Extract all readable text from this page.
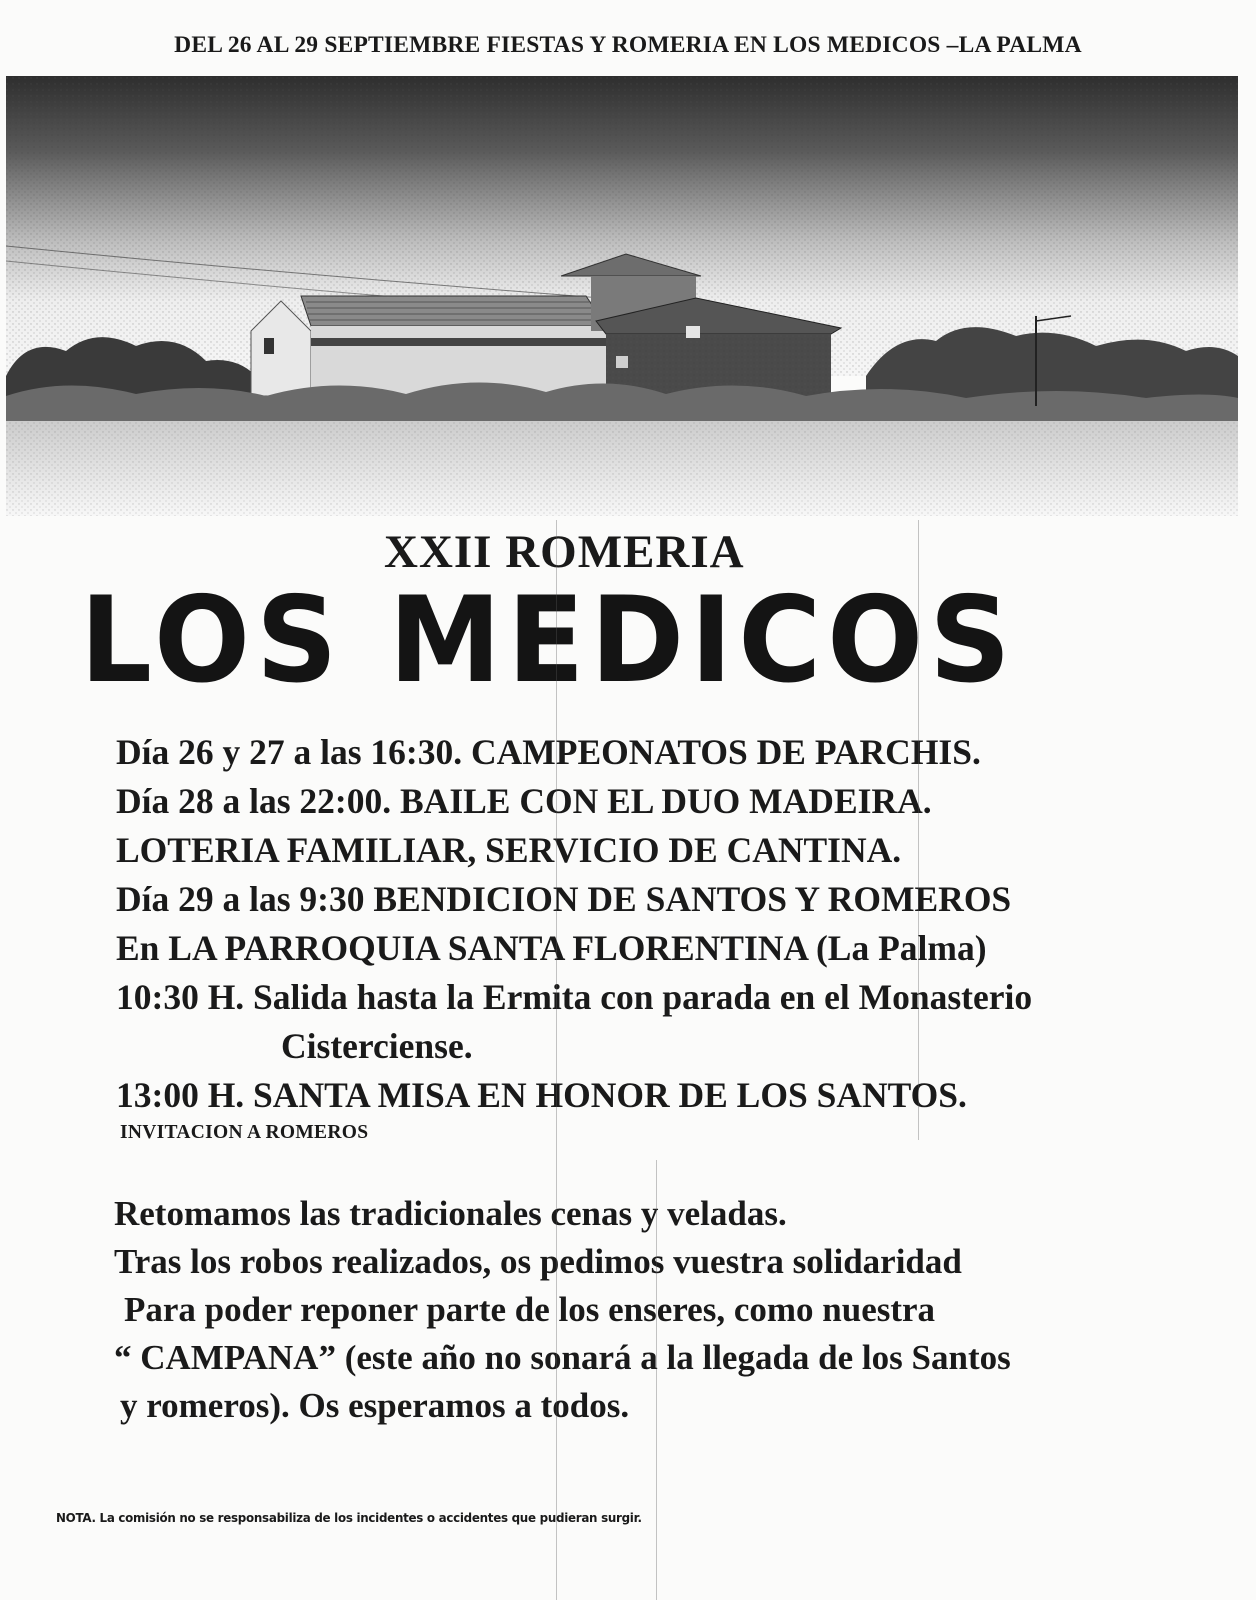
DEL 26 AL 29 SEPTIEMBRE FIESTAS Y ROMERIA EN LOS MEDICOS –LA PALMA
XXII ROMERIA
LOS MEDICOS
Día 26 y 27 a las 16:30. CAMPEONATOS DE PARCHIS.
Día 28 a las 22:00. BAILE CON EL DUO MADEIRA.
LOTERIA FAMILIAR, SERVICIO DE CANTINA.
Día 29 a las 9:30 BENDICION DE SANTOS Y ROMEROS
En LA PARROQUIA SANTA FLORENTINA (La Palma)
10:30 H. Salida hasta la Ermita con parada en el Monasterio
Cisterciense.
13:00 H. SANTA MISA EN HONOR DE LOS SANTOS.
INVITACION A ROMEROS
Retomamos las tradicionales cenas y veladas.
Tras los robos realizados, os pedimos vuestra solidaridad
Para poder reponer parte de los enseres, como nuestra
“ CAMPANA” (este año no sonará a la llegada de los Santos
y romeros). Os esperamos a todos.
NOTA. La comisión no se responsabiliza de los incidentes o accidentes que pudieran surgir.
